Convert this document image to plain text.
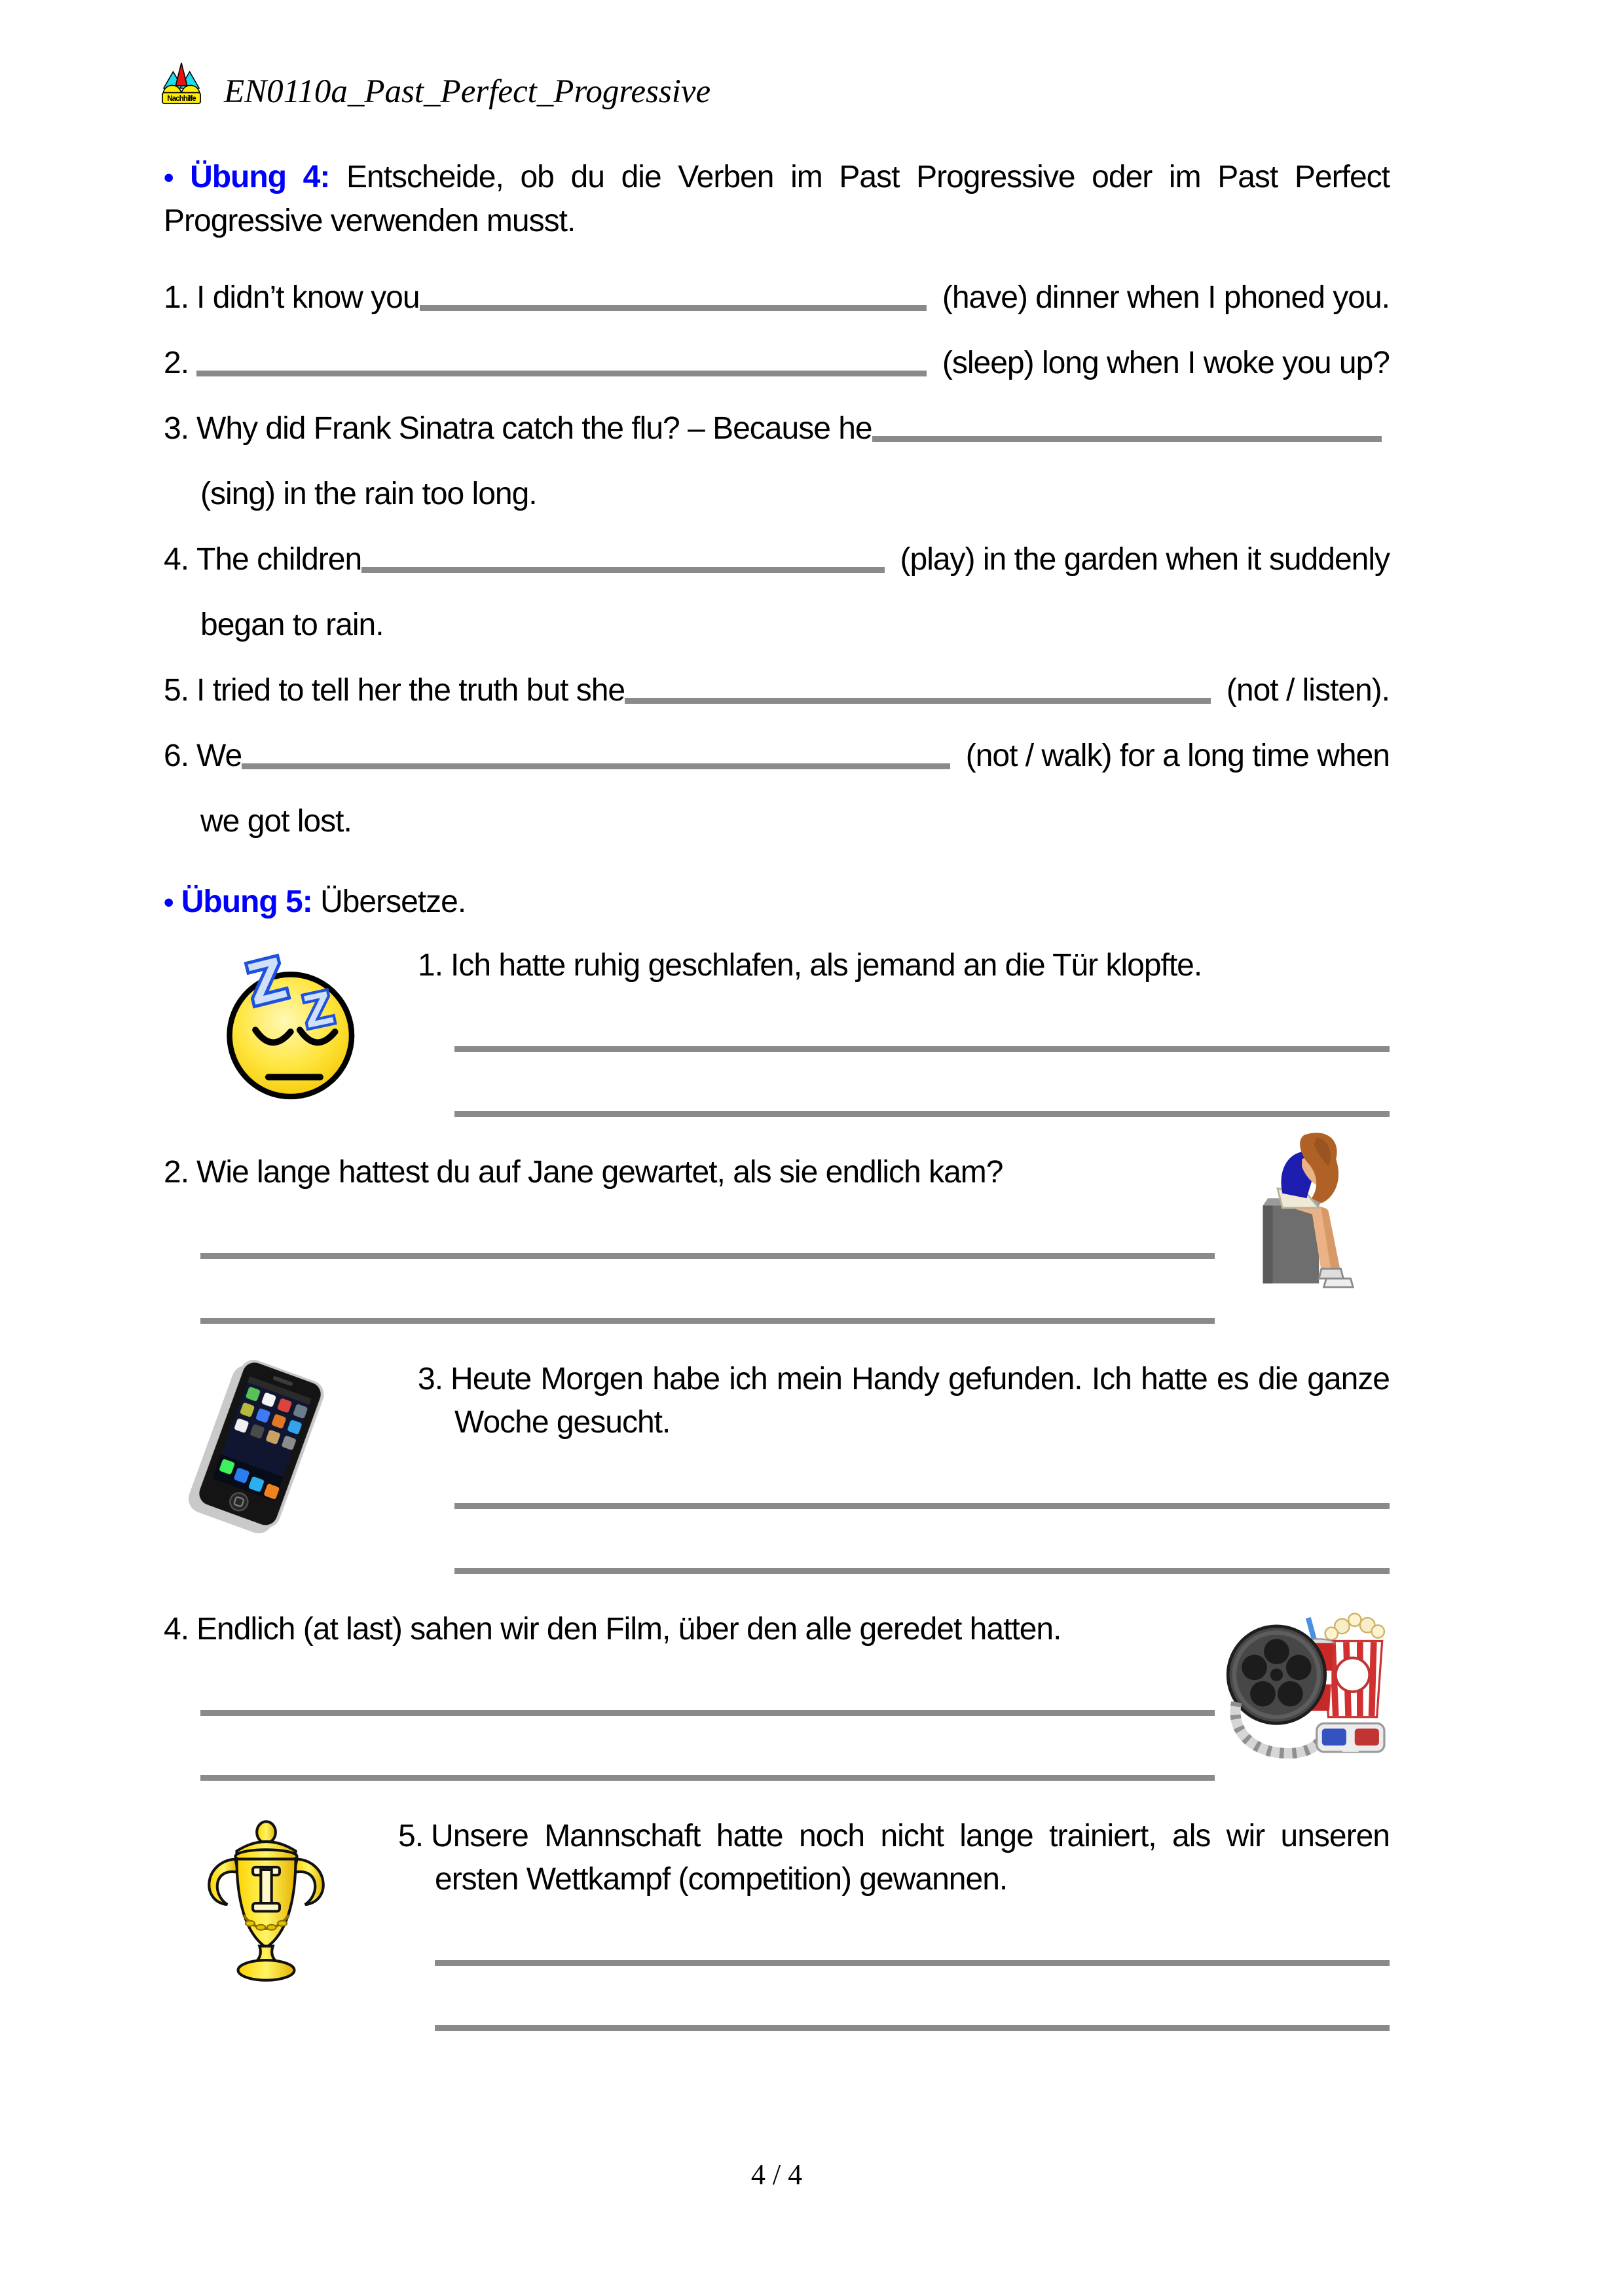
Nachhilfe EN0110a_Past_Perfect_Progressive

• Übung 4: Entscheide, ob du die Verben im Past Progressive oder im Past Perfect Progressive verwenden musst.

1. I didn’t know you	(have) dinner when I phoned you.
2.	(sleep) long when I woke you up?
3. Why did Frank Sinatra catch the flu? – Because he
(sing) in the rain too long.
4. The children	(play) in the garden when it suddenly
began to rain.
5. I tried to tell her the truth but she	(not / listen).
6. We	(not / walk) for a long time when
we got lost.

• Übung 5: Übersetze.

Z Z

1. Ich hatte ruhig geschlafen, als jemand an die Tür klopfte.

2. Wie lange hattest du auf Jane gewartet, als sie endlich kam?

3. Heute Morgen habe ich mein Handy gefunden. Ich hatte es die ganze Woche gesucht.

4. Endlich (at last) sahen wir den Film, über den alle geredet hatten.

5. Unsere Mannschaft hatte noch nicht lange trainiert, als wir unseren ersten Wettkampf (competition) gewannen.

4 / 4
